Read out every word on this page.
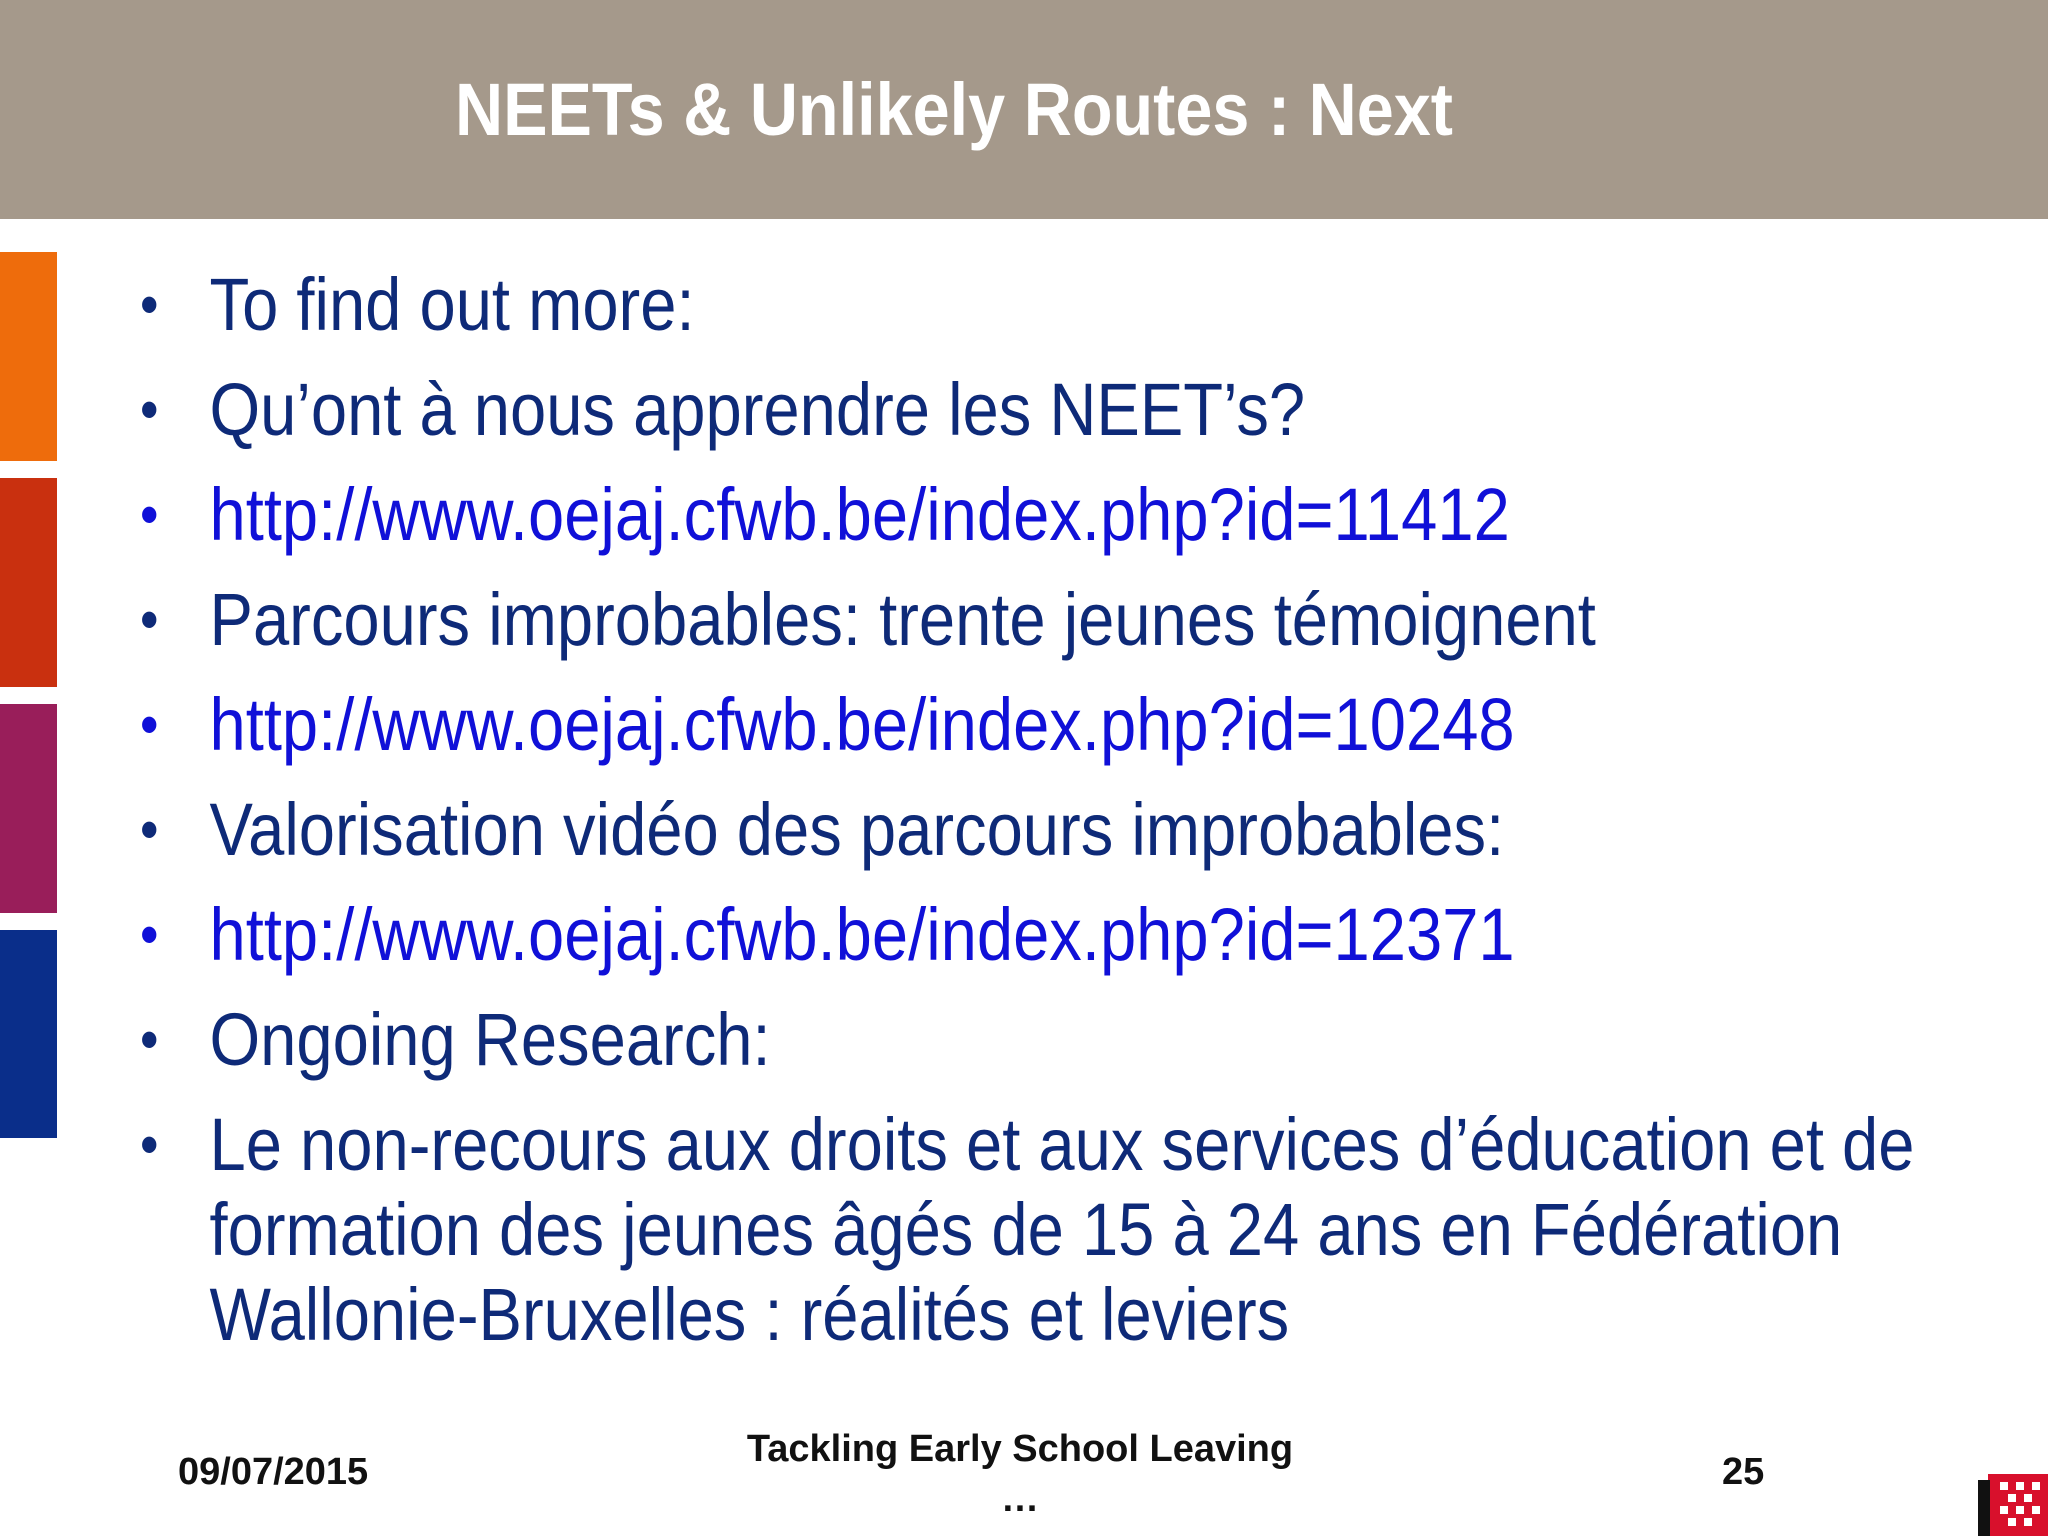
NEETs & Unlikely Routes : Next
• To find out more:
• Qu’ont à nous apprendre les NEET’s?
• http://www.oejaj.cfwb.be/index.php?id=11412
• Parcours improbables: trente jeunes témoignent
• http://www.oejaj.cfwb.be/index.php?id=10248
• Valorisation vidéo des parcours improbables:
• http://www.oejaj.cfwb.be/index.php?id=12371
• Ongoing Research:
• Le non-recours aux droits et aux services d’éducation et de
formation des jeunes âgés de 15 à 24 ans en Fédération
Wallonie-Bruxelles : réalités et leviers
09/07/2015
Tackling Early School Leaving
…
25
